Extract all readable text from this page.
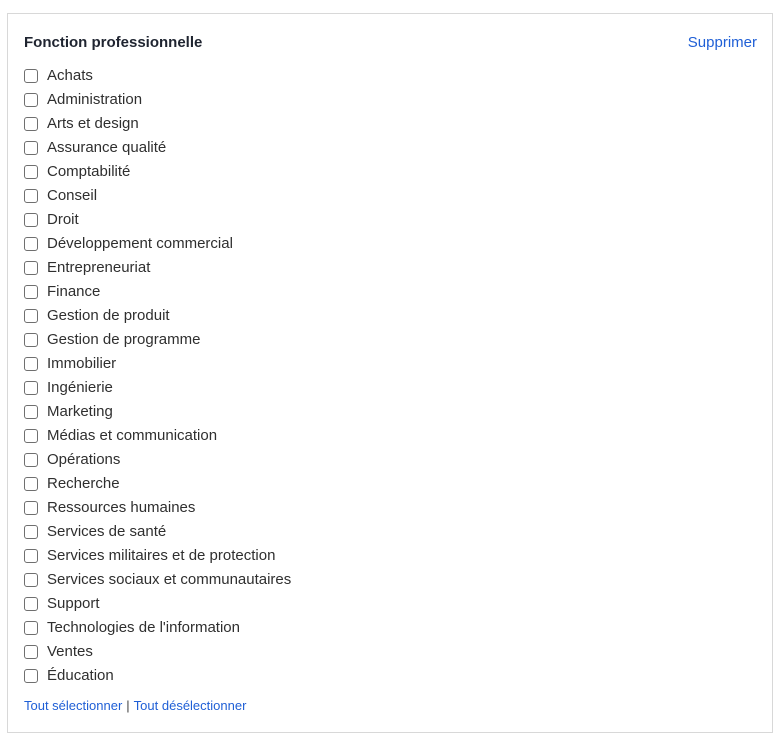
Fonction professionnelle	Supprimer
Achats
Administration
Arts et design
Assurance qualité
Comptabilité
Conseil
Droit
Développement commercial
Entrepreneuriat
Finance
Gestion de produit
Gestion de programme
Immobilier
Ingénierie
Marketing
Médias et communication
Opérations
Recherche
Ressources humaines
Services de santé
Services militaires et de protection
Services sociaux et communautaires
Support
Technologies de l'information
Ventes
Éducation
Tout sélectionner | Tout désélectionner
